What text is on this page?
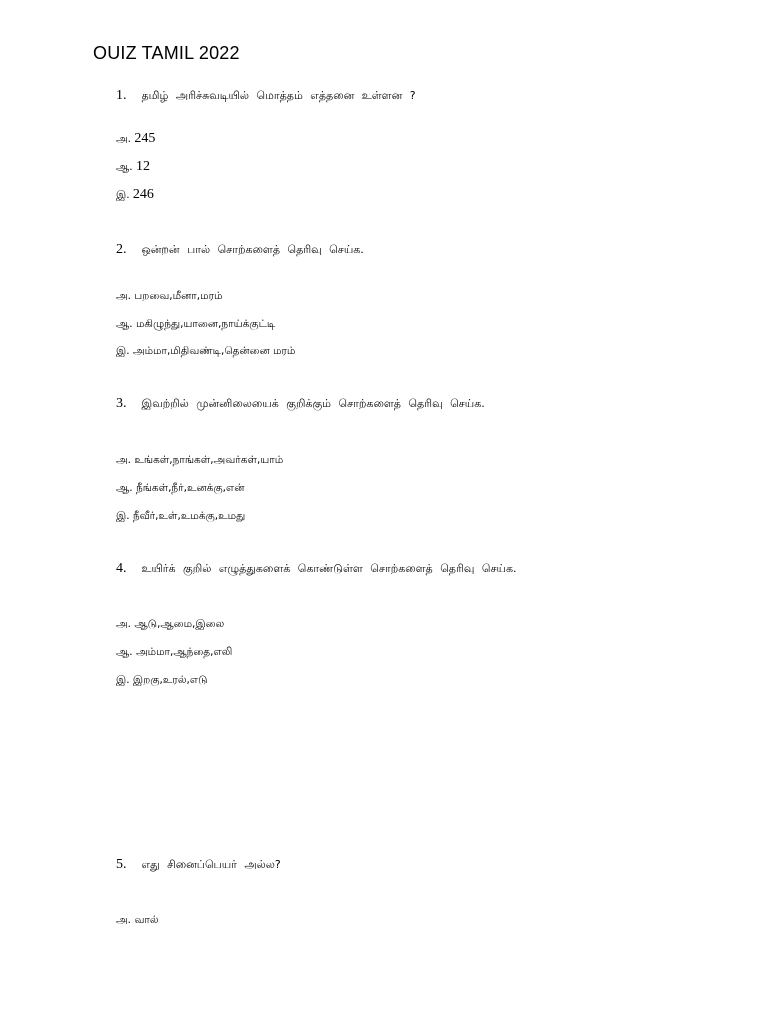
OUIZ TAMIL 2022
1. தமிழ் அரிச்சுவடியில் மொத்தம் எத்தனை உள்ளன ?
அ. 245
ஆ. 12
இ. 246
2. ஒன்றன் பால் சொற்களைத் தெரிவு செய்க.
அ. பறவை,மீனா,மரம்
ஆ. மகிழுந்து,யானை,நாய்க்குட்டி
இ. அம்மா,மிதிவண்டி,தென்னை மரம்
3. இவற்றில் முன்னிலையைக் குறிக்கும் சொற்களைத் தெரிவு செய்க.
அ. உங்கள்,நாங்கள்,அவர்கள்,யாம்
ஆ. நீங்கள்,நீர்,உனக்கு,என்
இ. நீவீர்,உள்,உமக்கு,உமது
4. உயிர்க் குறில் எழுத்துகளைக் கொண்டுள்ள சொற்களைத் தெரிவு செய்க.
அ. ஆடு,ஆமை,இலை
ஆ. அம்மா,ஆந்தை,எலி
இ. இறகு,உரல்,எடு
5. எது சினைப்பெயர் அல்ல?
அ. வால்
